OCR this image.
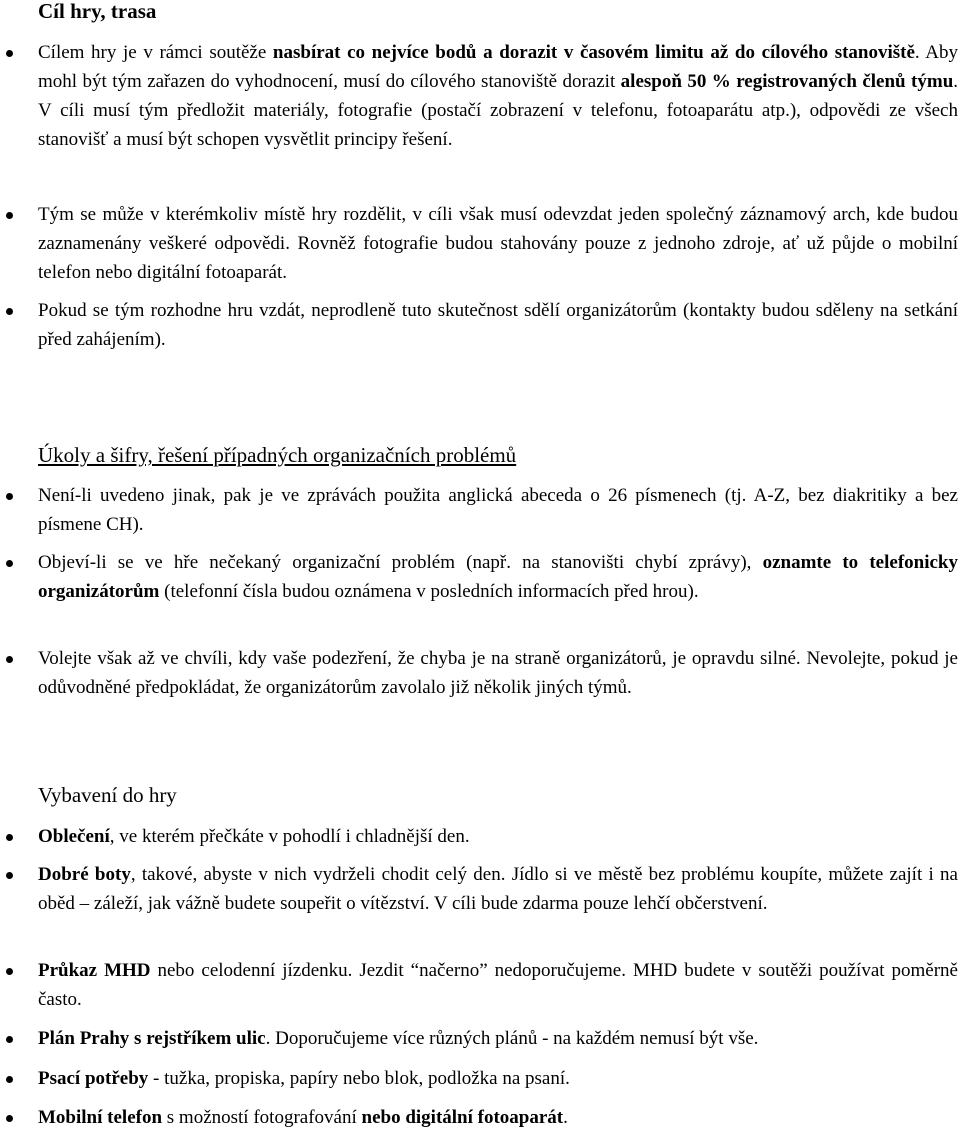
Cíl hry, trasa

Cílem hry je v rámci soutěže nasbírat co nejvíce bodů a dorazit v časovém limitu až do cílového stanoviště. Aby mohl být tým zařazen do vyhodnocení, musí do cílového stanoviště dorazit alespoň 50 % registrovaných členů týmu. V cíli musí tým předložit materiály, fotografie (postačí zobrazení v telefonu, fotoaparátu atp.), odpovědi ze všech stanovišť a musí být schopen vysvětlit principy řešení.

Tým se může v kterémkoliv místě hry rozdělit, v cíli však musí odevzdat jeden společný záznamový arch, kde budou zaznamenány veškeré odpovědi. Rovněž fotografie budou stahovány pouze z jednoho zdroje, ať už půjde o mobilní telefon nebo digitální fotoaparát.

Pokud se tým rozhodne hru vzdát, neprodleně tuto skutečnost sdělí organizátorům (kontakty budou sděleny na setkání před zahájením).

Úkoly a šifry, řešení případných organizačních problémů

Není-li uvedeno jinak, pak je ve zprávách použita anglická abeceda o 26 písmenech (tj. A-Z, bez diakritiky a bez písmene CH).

Objeví-li se ve hře nečekaný organizační problém (např. na stanovišti chybí zprávy), oznamte to telefonicky organizátorům (telefonní čísla budou oznámena v posledních informacích před hrou).

Volejte však až ve chvíli, kdy vaše podezření, že chyba je na straně organizátorů, je opravdu silné. Nevolejte, pokud je odůvodněné předpokládat, že organizátorům zavolalo již několik jiných týmů.

Vybavení do hry

Oblečení, ve kterém přečkáte v pohodlí i chladnější den.

Dobré boty, takové, abyste v nich vydrželi chodit celý den. Jídlo si ve městě bez problému koupíte, můžete zajít i na oběd – záleží, jak vážně budete soupeřit o vítězství. V cíli bude zdarma pouze lehčí občerstvení.

Průkaz MHD nebo celodenní jízdenku. Jezdit “načerno” nedoporučujeme. MHD budete v soutěži používat poměrně často.

Plán Prahy s rejstříkem ulic. Doporučujeme více různých plánů - na každém nemusí být vše.

Psací potřeby - tužka, propiska, papíry nebo blok, podložka na psaní.

Mobilní telefon s možností fotografování nebo digitální fotoaparát.
